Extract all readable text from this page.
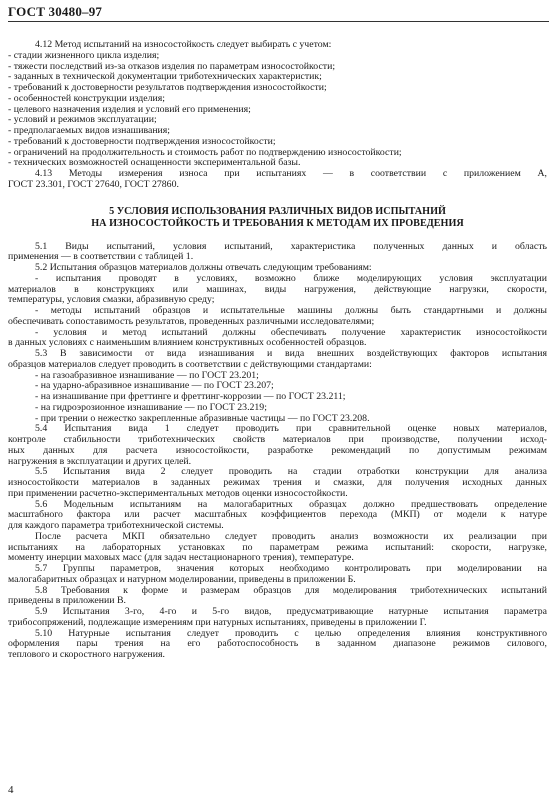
ГОСТ 30480–97
4.12 Метод испытаний на износостойкость следует выбирать с учетом:
- стадии жизненного цикла изделия;
- тяжести последствий из-за отказов изделия по параметрам износостойкости;
- заданных в технической документации триботехнических характеристик;
- требований к достоверности результатов подтверждения износостойкости;
- особенностей конструкции изделия;
- целевого назначения изделия и условий его применения;
- условий и режимов эксплуатации;
- предполагаемых видов изнашивания;
- требований к достоверности подтверждения износостойкости;
- ограничений на продолжительность и стоимость работ по подтверждению износостойкости;
- технических возможностей оснащенности экспериментальной базы.
4.13 Методы измерения износа при испытаниях — в соответствии с приложением А,
ГОСТ 23.301, ГОСТ 27640, ГОСТ 27860.
5 УСЛОВИЯ ИСПОЛЬЗОВАНИЯ РАЗЛИЧНЫХ ВИДОВ ИСПЫТАНИЙ
НА ИЗНОСОСТОЙКОСТЬ И ТРЕБОВАНИЯ К МЕТОДАМ ИХ ПРОВЕДЕНИЯ
5.1 Виды испытаний, условия испытаний, характеристика полученных данных и область
применения — в соответствии с таблицей 1.
5.2 Испытания образцов материалов должны отвечать следующим требованиям:
- испытания проводят в условиях, возможно ближе моделирующих условия эксплуатации
материалов в конструкциях или машинах, виды нагружения, действующие нагрузки, скорости,
температуры, условия смазки, абразивную среду;
- методы испытаний образцов и испытательные машины должны быть стандартными и должны
обеспечивать сопоставимость результатов, проведенных различными исследователями;
- условия и метод испытаний должны обеспечивать получение характеристик износостойкости
в данных условиях с наименьшим влиянием конструктивных особенностей образцов.
5.3 В зависимости от вида изнашивания и вида внешних воздействующих факторов испытания
образцов материалов следует проводить в соответствии с действующими стандартами:
- на газоабразивное изнашивание — по ГОСТ 23.201;
- на ударно-абразивное изнашивание — по ГОСТ 23.207;
- на изнашивание при фреттинге и фреттинг-коррозии — по ГОСТ 23.211;
- на гидроэрозионное изнашивание — по ГОСТ 23.219;
- при трении о нежестко закрепленные абразивные частицы — по ГОСТ 23.208.
5.4 Испытания вида 1 следует проводить при сравнительной оценке новых материалов,
контроле стабильности триботехнических свойств материалов при производстве, получении исход-
ных данных для расчета износостойкости, разработке рекомендаций по допустимым режимам
нагружения в эксплуатации и других целей.
5.5 Испытания вида 2 следует проводить на стадии отработки конструкции для анализа
износостойкости материалов в заданных режимах трения и смазки, для получения исходных данных
при применении расчетно-экспериментальных методов оценки износостойкости.
5.6 Модельным испытаниям на малогабаритных образцах должно предшествовать определение
масштабного фактора или расчет масштабных коэффициентов перехода (МКП) от модели к натуре
для каждого параметра триботехнической системы.
После расчета МКП обязательно следует проводить анализ возможности их реализации при
испытаниях на лабораторных установках по параметрам режима испытаний: скорости, нагрузке,
моменту инерции маховых масс (для задач нестационарного трения), температуре.
5.7 Группы параметров, значения которых необходимо контролировать при моделировании на
малогабаритных образцах и натурном моделировании, приведены в приложении Б.
5.8 Требования к форме и размерам образцов для моделирования триботехнических испытаний
приведены в приложении В.
5.9 Испытания 3-го, 4-го и 5-го видов, предусматривающие натурные испытания параметра
трибосопряжений, подлежащие измерениям при натурных испытаниях, приведены в приложении Г.
5.10 Натурные испытания следует проводить с целью определения влияния конструктивного
оформления пары трения на его работоспособность в заданном диапазоне режимов силового,
теплового и скоростного нагружения.
4
